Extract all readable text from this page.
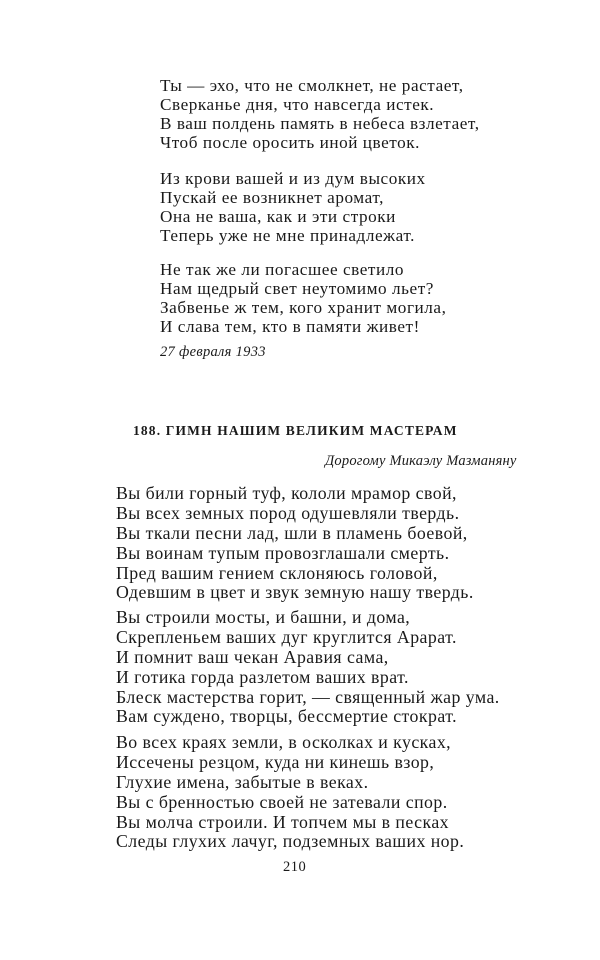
Ты — эхо, что не смолкнет, не растает,
Сверканье дня, что навсегда истек.
В ваш полдень память в небеса взлетает,
Чтоб после оросить иной цветок.
Из крови вашей и из дум высоких
Пускай ее возникнет аромат,
Она не ваша, как и эти строки
Теперь уже не мне принадлежат.
Не так же ли погасшее светило
Нам щедрый свет неутомимо льет?
Забвенье ж тем, кого хранит могила,
И слава тем, кто в памяти живет!
27 февраля 1933
188. ГИМН НАШИМ ВЕЛИКИМ МАСТЕРАМ
Дорогому Микаэлу Мазманяну
Вы били горный туф, кололи мрамор свой,
Вы всех земных пород одушевляли твердь.
Вы ткали песни лад, шли в пламень боевой,
Вы воинам тупым провозглашали смерть.
Пред вашим гением склоняюсь головой,
Одевшим в цвет и звук земную нашу твердь.
Вы строили мосты, и башни, и дома,
Скрепленьем ваших дуг круглится Арарат.
И помнит ваш чекан Аравия сама,
И готика горда разлетом ваших врат.
Блеск мастерства горит, — священный жар ума.
Вам суждено, творцы, бессмертие стократ.
Во всех краях земли, в осколках и кусках,
Иссечены резцом, куда ни кинешь взор,
Глухие имена, забытые в веках.
Вы с бренностью своей не затевали спор.
Вы молча строили. И топчем мы в песках
Следы глухих лачуг, подземных ваших нор.
210
